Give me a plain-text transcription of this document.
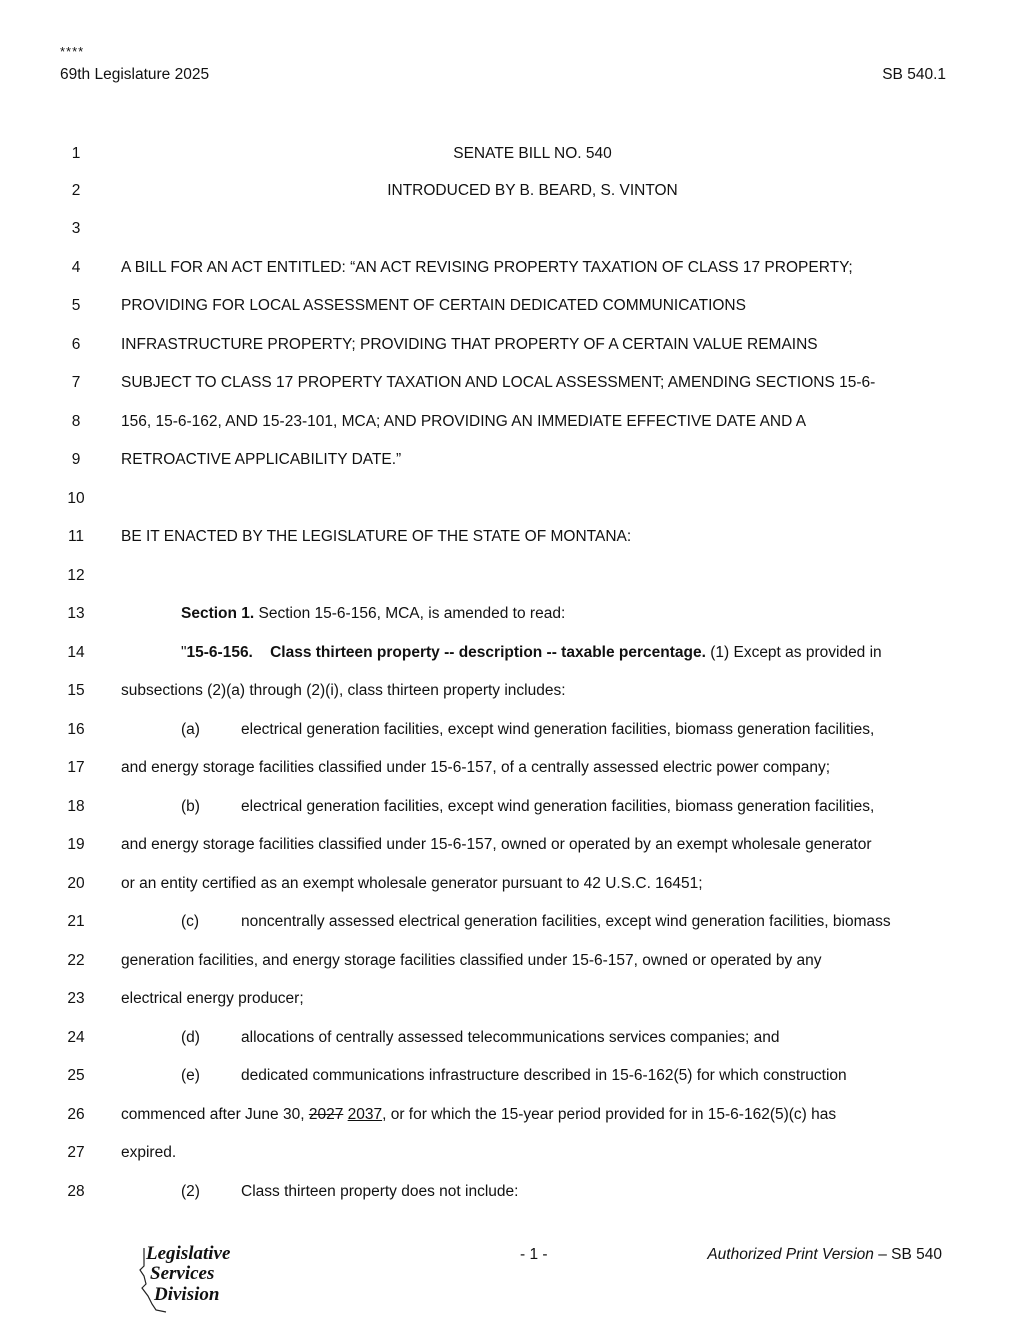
****
69th Legislature 2025	SB 540.1
1	SENATE BILL NO. 540
2	INTRODUCED BY B. BEARD, S. VINTON
3
4	A BILL FOR AN ACT ENTITLED: “AN ACT REVISING PROPERTY TAXATION OF CLASS 17 PROPERTY;
5	PROVIDING FOR LOCAL ASSESSMENT OF CERTAIN DEDICATED COMMUNICATIONS
6	INFRASTRUCTURE PROPERTY; PROVIDING THAT PROPERTY OF A CERTAIN VALUE REMAINS
7	SUBJECT TO CLASS 17 PROPERTY TAXATION AND LOCAL ASSESSMENT; AMENDING SECTIONS 15-6-
8	156, 15-6-162, AND 15-23-101, MCA; AND PROVIDING AN IMMEDIATE EFFECTIVE DATE AND A
9	RETROACTIVE APPLICABILITY DATE.”
10
11	BE IT ENACTED BY THE LEGISLATURE OF THE STATE OF MONTANA:
12
13	Section 1. Section 15-6-156, MCA, is amended to read:
14	"15-6-156.    Class thirteen property -- description -- taxable percentage. (1) Except as provided in
15	subsections (2)(a) through (2)(i), class thirteen property includes:
16	(a)	electrical generation facilities, except wind generation facilities, biomass generation facilities,
17	and energy storage facilities classified under 15-6-157, of a centrally assessed electric power company;
18	(b)	electrical generation facilities, except wind generation facilities, biomass generation facilities,
19	and energy storage facilities classified under 15-6-157, owned or operated by an exempt wholesale generator
20	or an entity certified as an exempt wholesale generator pursuant to 42 U.S.C. 16451;
21	(c)	noncentrally assessed electrical generation facilities, except wind generation facilities, biomass
22	generation facilities, and energy storage facilities classified under 15-6-157, owned or operated by any
23	electrical energy producer;
24	(d)	allocations of centrally assessed telecommunications services companies; and
25	(e)	dedicated communications infrastructure described in 15-6-162(5) for which construction
26	commenced after June 30, 2027 2037, or for which the 15-year period provided for in 15-6-162(5)(c) has
27	expired.
28	(2)	Class thirteen property does not include:
Legislative
Services
Division
- 1 -	Authorized Print Version – SB 540
